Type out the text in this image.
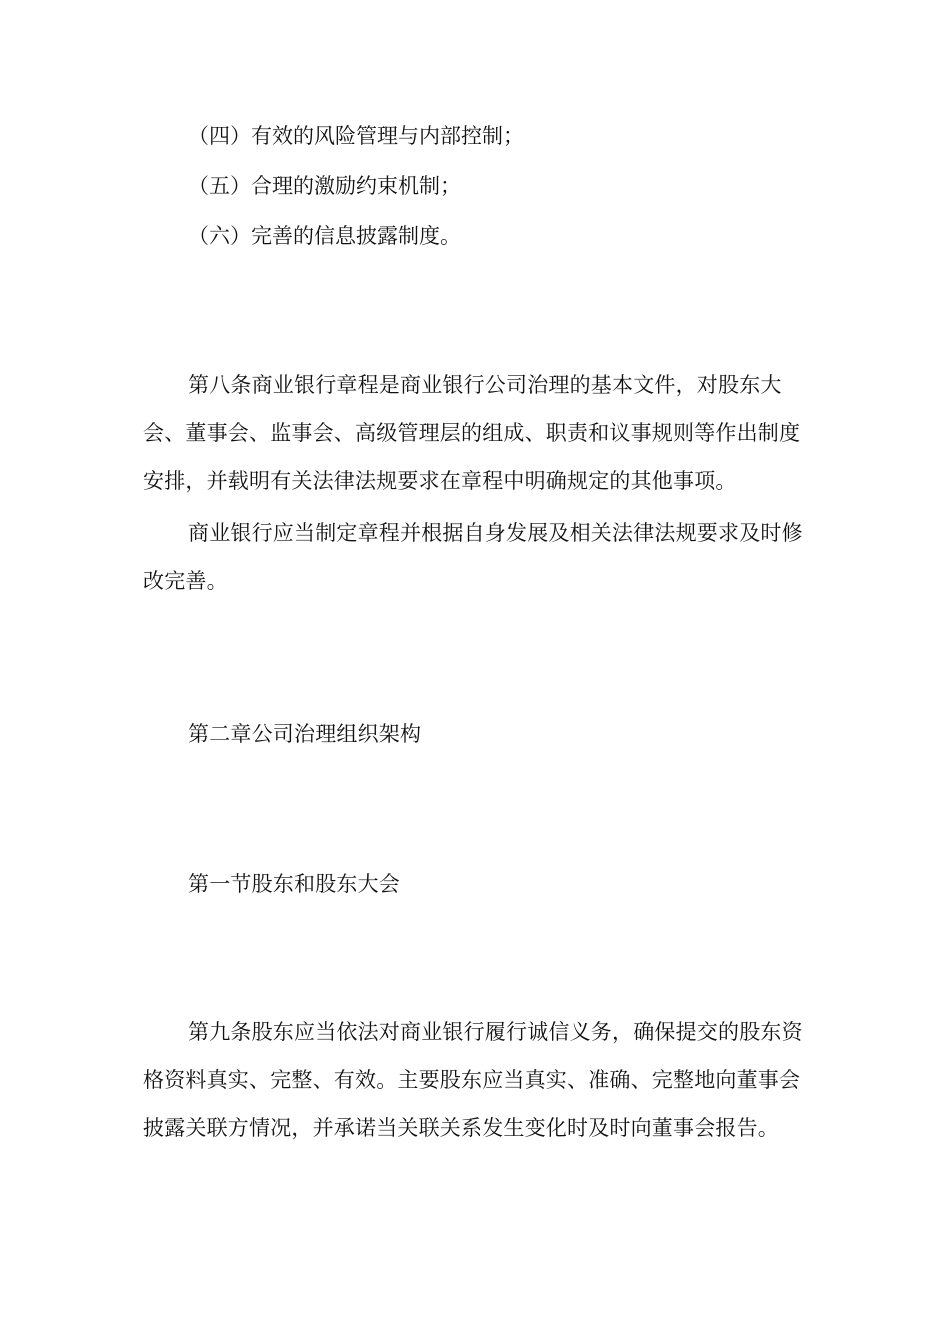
（四）有效的风险管理与内部控制；

（五）合理的激励约束机制；

（六）完善的信息披露制度。

第八条商业银行章程是商业银行公司治理的基本文件，对股东大会、董事会、监事会、高级管理层的组成、职责和议事规则等作出制度安排，并载明有关法律法规要求在章程中明确规定的其他事项。

商业银行应当制定章程并根据自身发展及相关法律法规要求及时修改完善。

第二章公司治理组织架构

第一节股东和股东大会

第九条股东应当依法对商业银行履行诚信义务，确保提交的股东资格资料真实、完整、有效。主要股东应当真实、准确、完整地向董事会披露关联方情况，并承诺当关联关系发生变化时及时向董事会报告。
